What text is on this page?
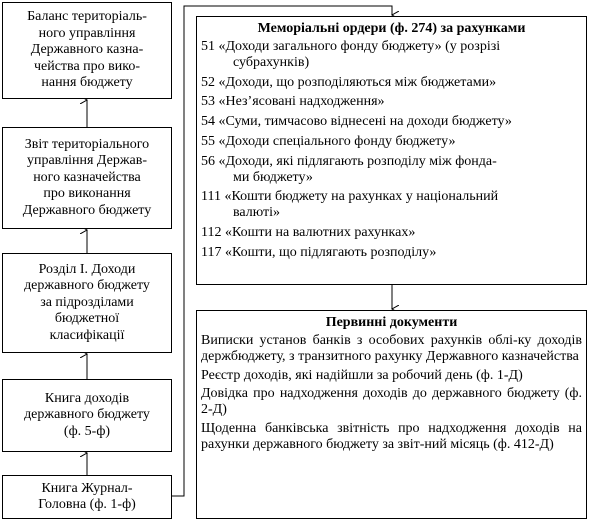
Баланс територіаль-
ного управління
Державного казна-
чейства про вико-
нання бюджету
Звіт територіального
управління Держав-
ного казначейства
про виконання
Державного бюджету
Розділ І. Доходи
державного бюджету
за підрозділами
бюджетної
класифікації
Книга доходів
державного бюджету
(ф. 5-ф)
Книга Журнал-
Головна (ф. 1-ф)
Меморіальні ордери (ф. 274) за рахунками
51 «Доходи загального фонду бюджету» (у розрізі
субрахунків)
52 «Доходи, що розподіляються між бюджетами»
53 «Нез’ясовані надходження»
54 «Суми, тимчасово віднесені на доходи бюджету»
55 «Доходи спеціального фонду бюджету»
56 «Доходи, які підлягають розподілу між фонда-
ми бюджету»
111 «Кошти бюджету на рахунках у національний
валюті»
112 «Кошти на валютних рахунках»
117 «Кошти, що підлягають розподілу»
Первинні документи
Виписки установ банків з особових рахунків облі-ку доходів держбюджету, з транзитного рахунку Державного казначейства
Реєстр доходів, які надійшли за робочий день (ф. 1-Д)
Довідка про надходження доходів до державного бюджету (ф. 2-Д)
Щоденна банківська звітність про надходження доходів на рахунки державного бюджету за звіт-ний місяць (ф. 412-Д)
